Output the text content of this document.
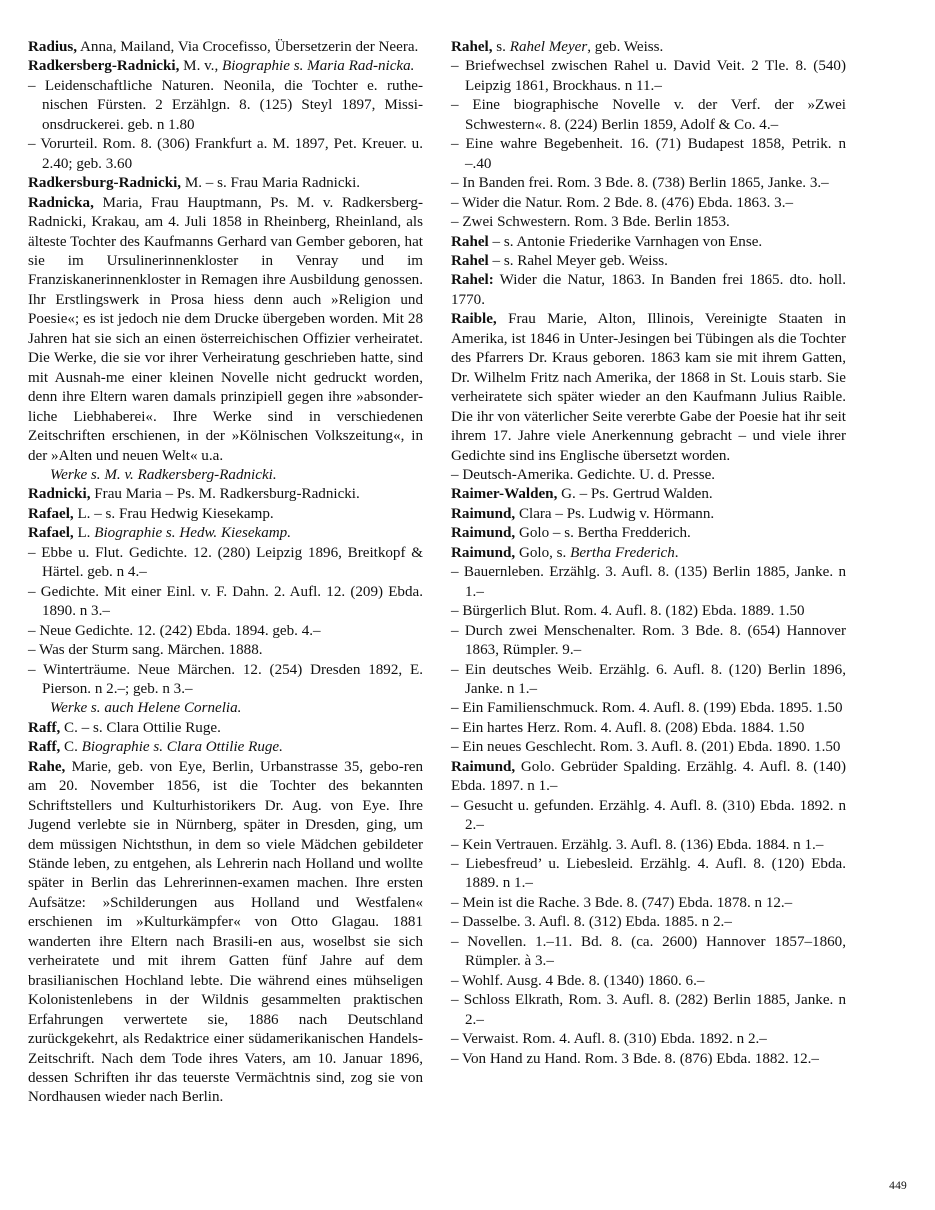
Radius, Anna, Mailand, Via Crocefisso, Übersetzerin der Neera.

Radkersberg-Radnicki, M. v., Biographie s. Maria Rad-nicka.

– Leidenschaftliche Naturen. Neonila, die Tochter e. ruthe-nischen Fürsten. 2 Erzählgn. 8. (125) Steyl 1897, Missi-onsdruckerei. geb. n 1.80

– Vorurteil. Rom. 8. (306) Frankfurt a. M. 1897, Pet. Kreuer. u. 2.40; geb. 3.60

Radkersburg-Radnicki, M. – s. Frau Maria Radnicki.

Radnicka, Maria, Frau Hauptmann, Ps. M. v. Radkersberg-Radnicki, Krakau, am 4. Juli 1858 in Rheinberg, Rheinland, als älteste Tochter des Kaufmanns Gerhard van Gember geboren, hat sie im Ursulinerinnenkloster in Venray und im Franziskanerinnenkloster in Remagen ihre Ausbildung genossen. Ihr Erstlingswerk in Prosa hiess denn auch »Religion und Poesie«; es ist jedoch nie dem Drucke übergeben worden. Mit 28 Jahren hat sie sich an einen österreichischen Offizier verheiratet. Die Werke, die sie vor ihrer Verheiratung geschrieben hatte, sind mit Ausnah-me einer kleinen Novelle nicht gedruckt worden, denn ihre Eltern waren damals prinzipiell gegen ihre »absonder-liche Liebhaberei«. Ihre Werke sind in verschiedenen Zeitschriften erschienen, in der »Kölnischen Volkszeitung«, in der »Alten und neuen Welt« u.a.

Werke s. M. v. Radkersberg-Radnicki.

Radnicki, Frau Maria – Ps. M. Radkersburg-Radnicki.

Rafael, L. – s. Frau Hedwig Kiesekamp.

Rafael, L. Biographie s. Hedw. Kiesekamp.

– Ebbe u. Flut. Gedichte. 12. (280) Leipzig 1896, Breitkopf & Härtel. geb. n 4.–

– Gedichte. Mit einer Einl. v. F. Dahn. 2. Aufl. 12. (209) Ebda. 1890. n 3.–

– Neue Gedichte. 12. (242) Ebda. 1894. geb. 4.–

– Was der Sturm sang. Märchen. 1888.

– Winterträume. Neue Märchen. 12. (254) Dresden 1892, E. Pierson. n 2.–; geb. n 3.–

Werke s. auch Helene Cornelia.

Raff, C. – s. Clara Ottilie Ruge.

Raff, C. Biographie s. Clara Ottilie Ruge.

Rahe, Marie, geb. von Eye, Berlin, Urbanstrasse 35, gebo-ren am 20. November 1856, ist die Tochter des bekannten Schriftstellers und Kulturhistorikers Dr. Aug. von Eye. Ihre Jugend verlebte sie in Nürnberg, später in Dresden, ging, um dem müssigen Nichtsthun, in dem so viele Mädchen gebildeter Stände leben, zu entgehen, als Lehrerin nach Holland und wollte später in Berlin das Lehrerinnen-examen machen. Ihre ersten Aufsätze: »Schilderungen aus Holland und Westfalen« erschienen im »Kulturkämpfer« von Otto Glagau. 1881 wanderten ihre Eltern nach Brasili-en aus, woselbst sie sich verheiratete und mit ihrem Gatten fünf Jahre auf dem brasilianischen Hochland lebte. Die während eines mühseligen Kolonistenlebens in der Wildnis gesammelten praktischen Erfahrungen verwertete sie, 1886 nach Deutschland zurückgekehrt, als Redaktrice einer südamerikanischen Handels-Zeitschrift. Nach dem Tode ihres Vaters, am 10. Januar 1896, dessen Schriften ihr das teuerste Vermächtnis sind, zog sie von Nordhausen wieder nach Berlin.

Rahel, s. Rahel Meyer, geb. Weiss.

– Briefwechsel zwischen Rahel u. David Veit. 2 Tle. 8. (540) Leipzig 1861, Brockhaus. n 11.–

– Eine biographische Novelle v. der Verf. der »Zwei Schwestern«. 8. (224) Berlin 1859, Adolf & Co. 4.–

– Eine wahre Begebenheit. 16. (71) Budapest 1858, Petrik. n –.40

– In Banden frei. Rom. 3 Bde. 8. (738) Berlin 1865, Janke. 3.–

– Wider die Natur. Rom. 2 Bde. 8. (476) Ebda. 1863. 3.–

– Zwei Schwestern. Rom. 3 Bde. Berlin 1853.

Rahel – s. Antonie Friederike Varnhagen von Ense.

Rahel – s. Rahel Meyer geb. Weiss.

Rahel: Wider die Natur, 1863. In Banden frei 1865. dto. holl. 1770.

Raible, Frau Marie, Alton, Illinois, Vereinigte Staaten in Amerika, ist 1846 in Unter-Jesingen bei Tübingen als die Tochter des Pfarrers Dr. Kraus geboren. 1863 kam sie mit ihrem Gatten, Dr. Wilhelm Fritz nach Amerika, der 1868 in St. Louis starb. Sie verheiratete sich später wieder an den Kaufmann Julius Raible. Die ihr von väterlicher Seite vererbte Gabe der Poesie hat ihr seit ihrem 17. Jahre viele Anerkennung gebracht – und viele ihrer Gedichte sind ins Englische übersetzt worden.

– Deutsch-Amerika. Gedichte. U. d. Presse.

Raimer-Walden, G. – Ps. Gertrud Walden.

Raimund, Clara – Ps. Ludwig v. Hörmann.

Raimund, Golo – s. Bertha Fredderich.

Raimund, Golo, s. Bertha Frederich.

– Bauernleben. Erzählg. 3. Aufl. 8. (135) Berlin 1885, Janke. n 1.–

– Bürgerlich Blut. Rom. 4. Aufl. 8. (182) Ebda. 1889. 1.50

– Durch zwei Menschenalter. Rom. 3 Bde. 8. (654) Hannover 1863, Rümpler. 9.–

– Ein deutsches Weib. Erzählg. 6. Aufl. 8. (120) Berlin 1896, Janke. n 1.–

– Ein Familienschmuck. Rom. 4. Aufl. 8. (199) Ebda. 1895. 1.50

– Ein hartes Herz. Rom. 4. Aufl. 8. (208) Ebda. 1884. 1.50

– Ein neues Geschlecht. Rom. 3. Aufl. 8. (201) Ebda. 1890. 1.50

Raimund, Golo. Gebrüder Spalding. Erzählg. 4. Aufl. 8. (140) Ebda. 1897. n 1.–

– Gesucht u. gefunden. Erzählg. 4. Aufl. 8. (310) Ebda. 1892. n 2.–

– Kein Vertrauen. Erzählg. 3. Aufl. 8. (136) Ebda. 1884. n 1.–

– Liebesfreud’ u. Liebesleid. Erzählg. 4. Aufl. 8. (120) Ebda. 1889. n 1.–

– Mein ist die Rache. 3 Bde. 8. (747) Ebda. 1878. n 12.–

– Dasselbe. 3. Aufl. 8. (312) Ebda. 1885. n 2.–

– Novellen. 1.–11. Bd. 8. (ca. 2600) Hannover 1857–1860, Rümpler. à 3.–

– Wohlf. Ausg. 4 Bde. 8. (1340) 1860. 6.–

– Schloss Elkrath, Rom. 3. Aufl. 8. (282) Berlin 1885, Janke. n 2.–

– Verwaist. Rom. 4. Aufl. 8. (310) Ebda. 1892. n 2.–

– Von Hand zu Hand. Rom. 3 Bde. 8. (876) Ebda. 1882. 12.–

449
